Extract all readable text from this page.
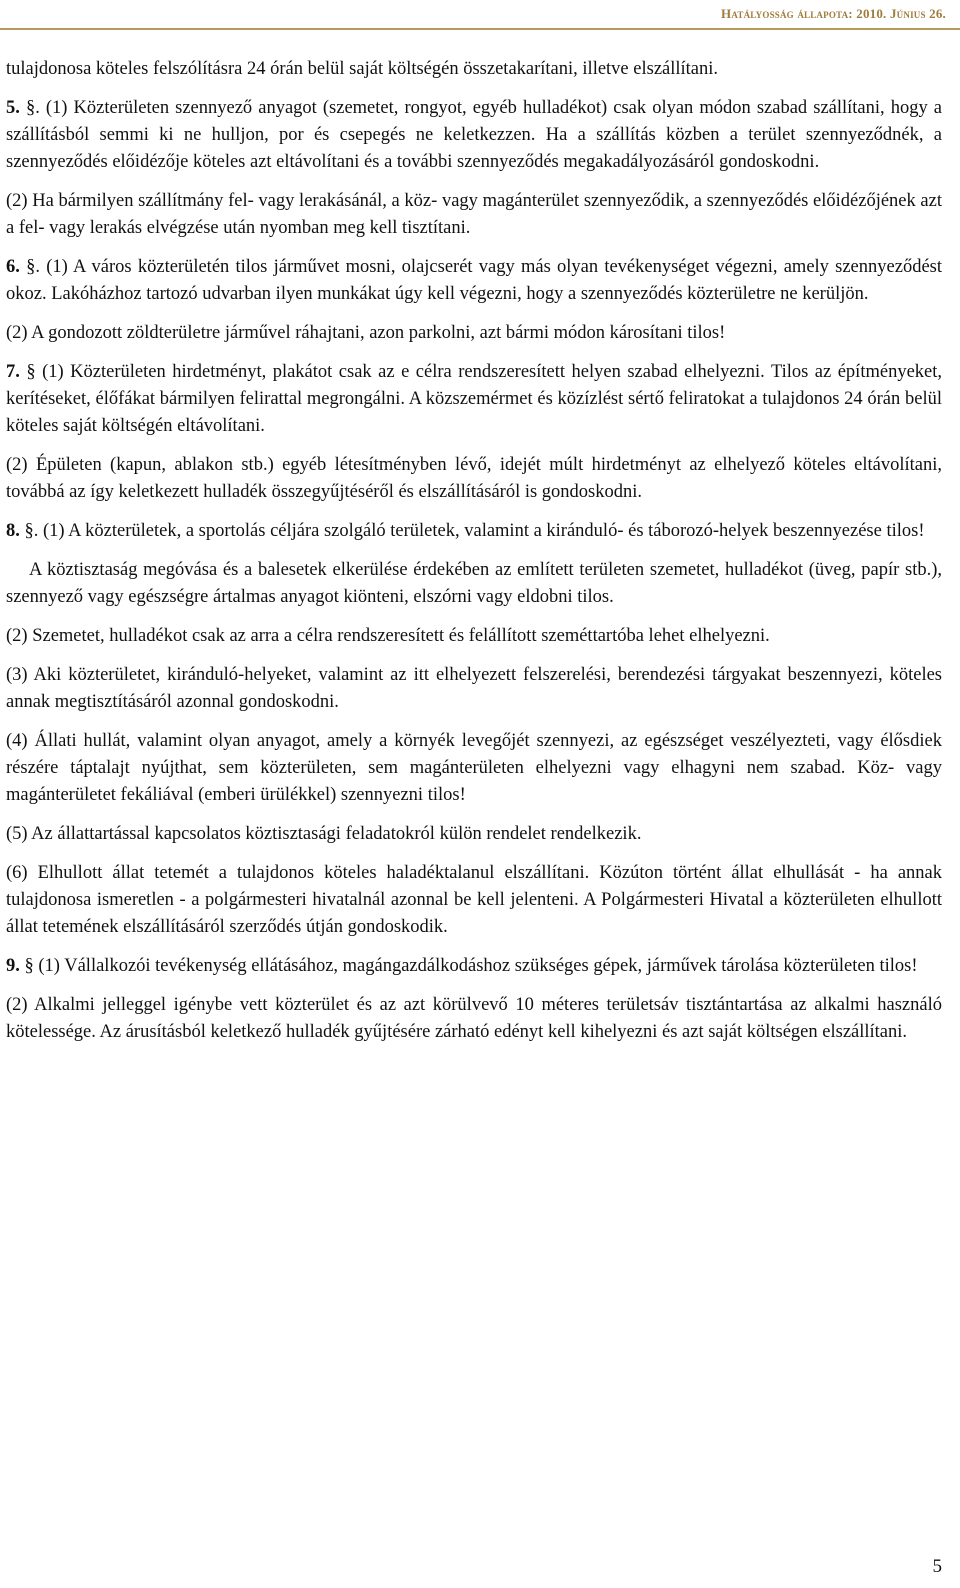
Hatályosság állapota: 2010. Június 26.

tulajdonosa köteles felszólításra 24 órán belül saját költségén összetakarítani, illetve elszállítani.

5. §. (1) Közterületen szennyező anyagot (szemetet, rongyot, egyéb hulladékot) csak olyan módon szabad szállítani, hogy a szállításból semmi ki ne hulljon, por és csepegés ne keletkezzen. Ha a szállítás közben a terület szennyeződnék, a szennyeződés előidézője köteles azt eltávolítani és a további szennyeződés megakadályozásáról gondoskodni.

(2) Ha bármilyen szállítmány fel- vagy lerakásánál, a köz- vagy magánterület szennyeződik, a szennyeződés előidézőjének azt a fel- vagy lerakás elvégzése után nyomban meg kell tisztítani.

6. §. (1) A város közterületén tilos járművet mosni, olajcserét vagy más olyan tevékenységet végezni, amely szennyeződést okoz. Lakóházhoz tartozó udvarban ilyen munkákat úgy kell végezni, hogy a szennyeződés közterületre ne kerüljön.

(2) A gondozott zöldterületre járművel ráhajtani, azon parkolni, azt bármi módon károsítani tilos!

7. § (1) Közterületen hirdetményt, plakátot csak az e célra rendszeresített helyen szabad elhelyezni. Tilos az építményeket, kerítéseket, élőfákat bármilyen felirattal megrongálni. A közszemérmet és közízlést sértő feliratokat a tulajdonos 24 órán belül köteles saját költségén eltávolítani.

(2) Épületen (kapun, ablakon stb.) egyéb létesítményben lévő, idejét múlt hirdetményt az elhelyező köteles eltávolítani, továbbá az így keletkezett hulladék összegyűjtéséről és elszállításáról is gondoskodni.

8. §. (1) A közterületek, a sportolás céljára szolgáló területek, valamint a kiránduló- és táborozó-helyek beszennyezése tilos!

A köztisztaság megóvása és a balesetek elkerülése érdekében az említett területen szemetet, hulladékot (üveg, papír stb.), szennyező vagy egészségre ártalmas anyagot kiönteni, elszórni vagy eldobni tilos.

(2) Szemetet, hulladékot csak az arra a célra rendszeresített és felállított szeméttartóba lehet elhelyezni.

(3) Aki közterületet, kiránduló-helyeket, valamint az itt elhelyezett felszerelési, berendezési tárgyakat beszennyezi, köteles annak megtisztításáról azonnal gondoskodni.

(4) Állati hullát, valamint olyan anyagot, amely a környék levegőjét szennyezi, az egészséget veszélyezteti, vagy élősdiek részére táptalajt nyújthat, sem közterületen, sem magánterületen elhelyezni vagy elhagyni nem szabad. Köz- vagy magánterületet fekáliával (emberi ürülékkel) szennyezni tilos!

(5) Az állattartással kapcsolatos köztisztasági feladatokról külön rendelet rendelkezik.

(6) Elhullott állat tetemét a tulajdonos köteles haladéktalanul elszállítani. Közúton történt állat elhullását - ha annak tulajdonosa ismeretlen - a polgármesteri hivatalnál azonnal be kell jelenteni. A Polgármesteri Hivatal a közterületen elhullott állat tetemének elszállításáról szerződés útján gondoskodik.

9. § (1) Vállalkozói tevékenység ellátásához, magángazdálkodáshoz szükséges gépek, járművek tárolása közterületen tilos!

(2) Alkalmi jelleggel igénybe vett közterület és az azt körülvevő 10 méteres területsáv tisztántartása az alkalmi használó kötelessége. Az árusításból keletkező hulladék gyűjtésére zárható edényt kell kihelyezni és azt saját költségen elszállítani.

5
